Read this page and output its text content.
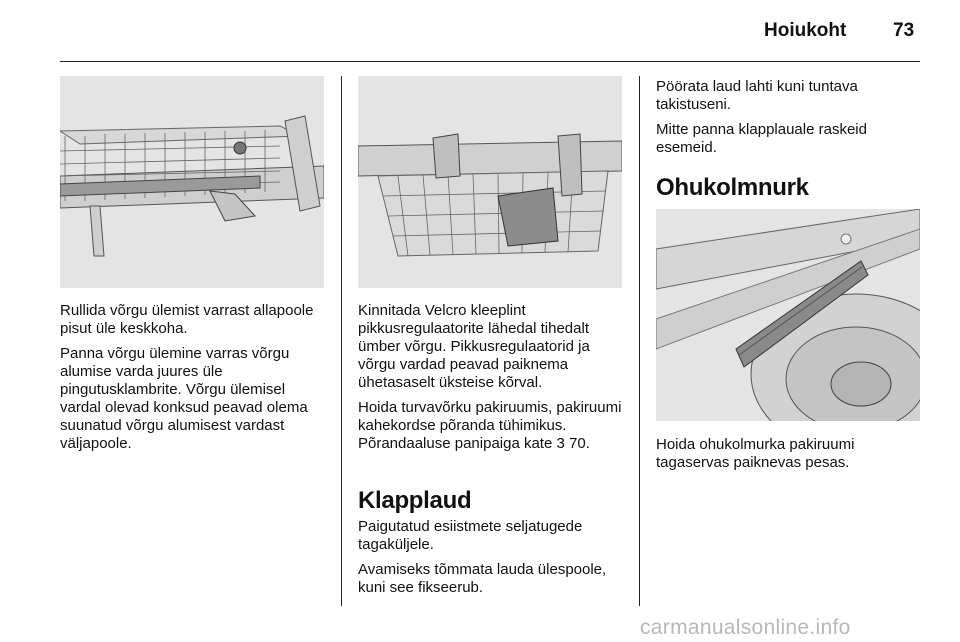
Hoiukoht 73

Rullida võrgu ülemist varrast allapoole pisut üle keskkoha.

Panna võrgu ülemine varras võrgu alumise varda juures üle pingutusklambrite. Võrgu ülemisel vardal olevad konksud peavad olema suunatud võrgu alumisest vardast väljapoole.

Kinnitada Velcro kleeplint pikkusregulaatorite lähedal tihedalt ümber võrgu. Pikkusregulaatorid ja võrgu vardad peavad paiknema ühetasaselt üksteise kõrval.

Hoida turvavõrku pakiruumis, pakiruumi kahekordse põranda tühimikus. Põrandaaluse panipaiga kate 3 70.

Klapplaud

Paigutatud esiistmete seljatugede tagaküljele.

Avamiseks tõmmata lauda ülespoole, kuni see fikseerub.

Pöörata laud lahti kuni tuntava takistuseni.

Mitte panna klapplauale raskeid esemeid.

Ohukolmnurk

Hoida ohukolmurka pakiruumi tagaservas paiknevas pesas.

carmanualsonline.info
